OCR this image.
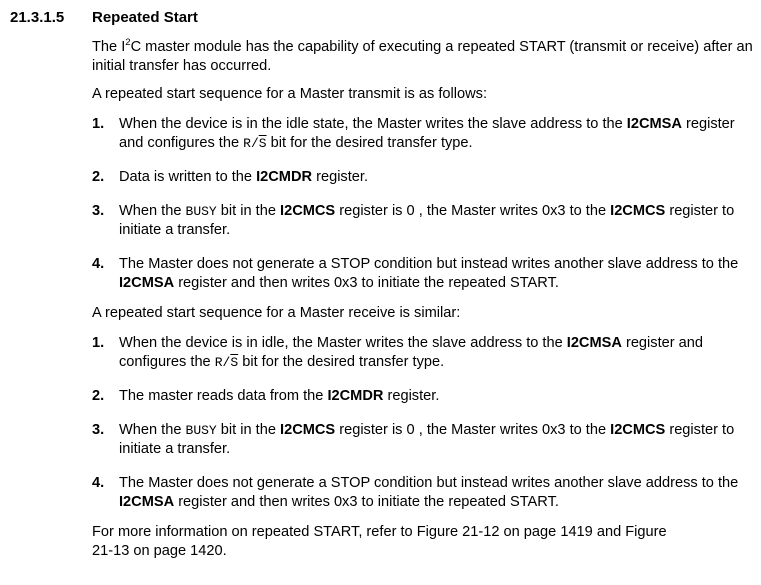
21.3.1.5 Repeated Start

The $I^2C$ master module has the capability of executing a repeated START (transmit or receive) after an initial transfer has occurred.

A repeated start sequence for a Master transmit is as follows:

1. When the device is in the idle state, the Master writes the slave address to the I2CMSA register and configures the $R/\overline{S}$ bit for the desired transfer type.
2. Data is written to the I2CMDR register.
3. When the BUSY bit in the I2CMCS register is 0 , the Master writes 0x3 to the I2CMCS register to initiate a transfer.
4. The Master does not generate a STOP condition but instead writes another slave address to the I2CMSA register and then writes 0x3 to initiate the repeated START.

A repeated start sequence for a Master receive is similar:

1. When the device is in idle, the Master writes the slave address to the I2CMSA register and configures the $R/\overline{S}$ bit for the desired transfer type.
2. The master reads data from the I2CMDR register.
3. When the BUSY bit in the I2CMCS register is 0 , the Master writes 0x3 to the I2CMCS register to initiate a transfer.
4. The Master does not generate a STOP condition but instead writes another slave address to the I2CMSA register and then writes 0x3 to initiate the repeated START.

For more information on repeated START, refer to Figure 21-12 on page 1419 and Figure
21-13 on page 1420.
